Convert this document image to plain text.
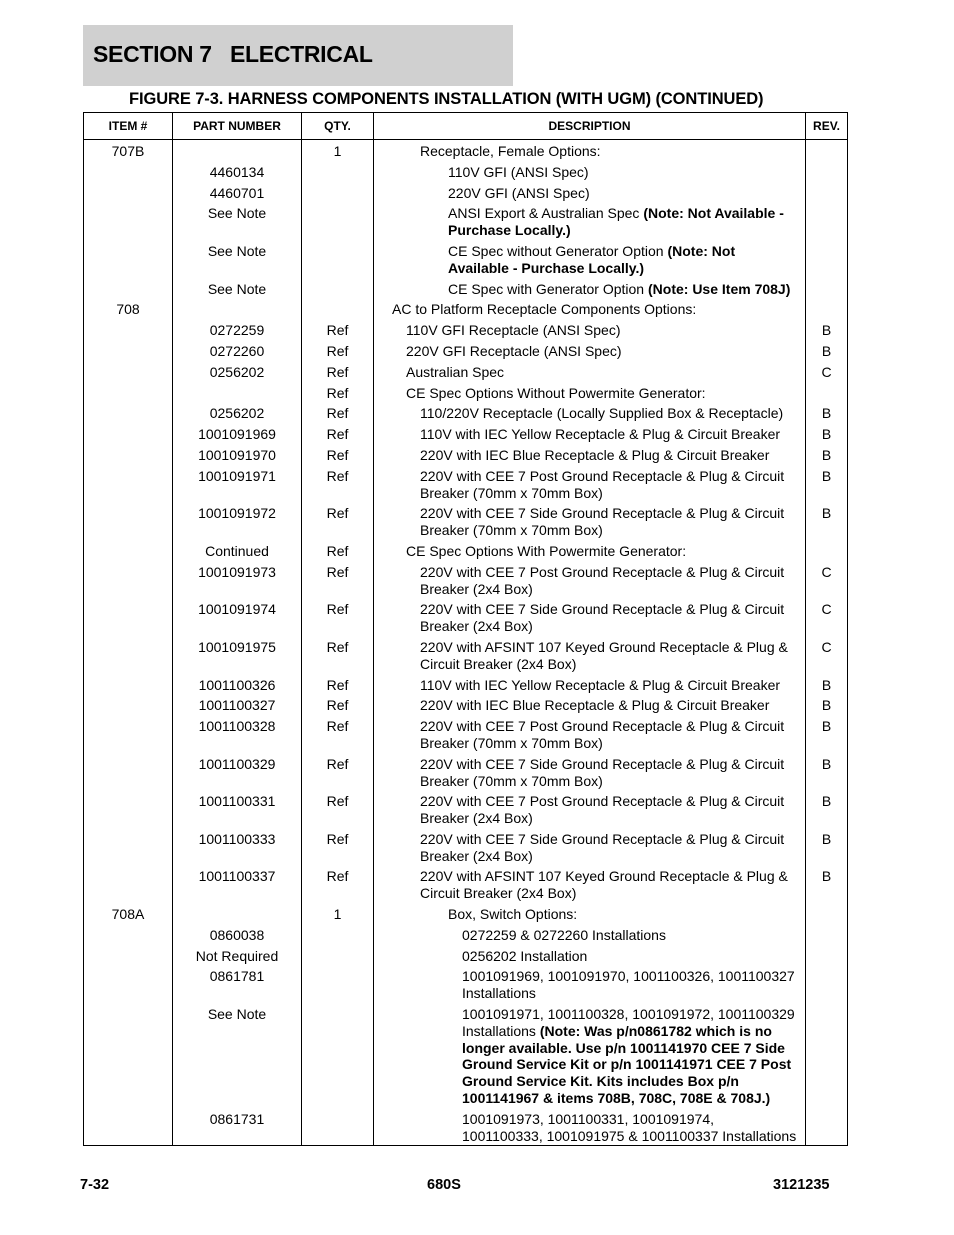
SECTION 7   ELECTRICAL
FIGURE 7-3. HARNESS COMPONENTS INSTALLATION (WITH UGM) (CONTINUED)
ITEM #	PART NUMBER	QTY.	DESCRIPTION	REV.
707B		1	Receptacle, Female Options:	
	4460134		110V GFI (ANSI Spec)	
	4460701		220V GFI (ANSI Spec)	
	See Note		ANSI Export & Australian Spec (Note: Not Available - Purchase Locally.)	
	See Note		CE Spec without Generator Option (Note: Not Available - Purchase Locally.)	
	See Note		CE Spec with Generator Option (Note: Use Item 708J)	
708			AC to Platform Receptacle Components Options:	
	0272259	Ref	110V GFI Receptacle (ANSI Spec)	B
	0272260	Ref	220V GFI Receptacle (ANSI Spec)	B
	0256202	Ref	Australian Spec	C
		Ref	CE Spec Options Without Powermite Generator:	
	0256202	Ref	110/220V Receptacle (Locally Supplied Box & Receptacle)	B
	1001091969	Ref	110V with IEC Yellow Receptacle & Plug & Circuit Breaker	B
	1001091970	Ref	220V with IEC Blue Receptacle & Plug & Circuit Breaker	B
	1001091971	Ref	220V with CEE 7 Post Ground Receptacle & Plug & Circuit Breaker (70mm x 70mm Box)	B
	1001091972	Ref	220V with CEE 7 Side Ground Receptacle & Plug & Circuit Breaker (70mm x 70mm Box)	B
	Continued	Ref	CE Spec Options With Powermite Generator:	
	1001091973	Ref	220V with CEE 7 Post Ground Receptacle & Plug & Circuit Breaker (2x4 Box)	C
	1001091974	Ref	220V with CEE 7 Side Ground Receptacle & Plug & Circuit Breaker (2x4 Box)	C
	1001091975	Ref	220V with AFSINT 107 Keyed Ground Receptacle & Plug & Circuit Breaker (2x4 Box)	C
	1001100326	Ref	110V with IEC Yellow Receptacle & Plug & Circuit Breaker	B
	1001100327	Ref	220V with IEC Blue Receptacle & Plug & Circuit Breaker	B
	1001100328	Ref	220V with CEE 7 Post Ground Receptacle & Plug & Circuit Breaker (70mm x 70mm Box)	B
	1001100329	Ref	220V with CEE 7 Side Ground Receptacle & Plug & Circuit Breaker (70mm x 70mm Box)	B
	1001100331	Ref	220V with CEE 7 Post Ground Receptacle & Plug & Circuit Breaker (2x4 Box)	B
	1001100333	Ref	220V with CEE 7 Side Ground Receptacle & Plug & Circuit Breaker (2x4 Box)	B
	1001100337	Ref	220V with AFSINT 107 Keyed Ground Receptacle & Plug & Circuit Breaker (2x4 Box)	B
708A		1	Box, Switch Options:	
	0860038		0272259 & 0272260 Installations	
	Not Required		0256202 Installation	
	0861781		1001091969, 1001091970, 1001100326, 1001100327 Installations	
	See Note		1001091971, 1001100328, 1001091972, 1001100329 Installations (Note: Was p/n0861782 which is no longer available. Use p/n 1001141970 CEE 7 Side Ground Service Kit or p/n 1001141971 CEE 7 Post Ground Service Kit. Kits includes Box p/n 1001141967 & items 708B, 708C, 708E & 708J.)	
	0861731		1001091973, 1001100331, 1001091974, 1001100333, 1001091975 & 1001100337 Installations	
7-32	680S	3121235
